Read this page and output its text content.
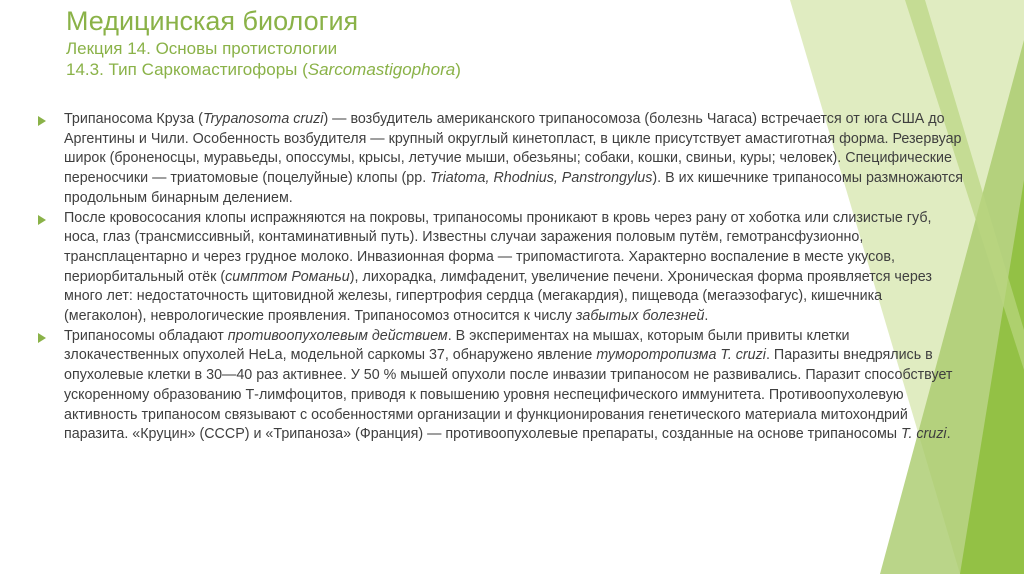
Медицинская биология
Лекция 14. Основы протистологии
14.3. Тип Саркомастигофоры (Sarcomastigophora)

Трипаносома Круза (Trypanosoma cruzi) — возбудитель американского трипаносомоза (болезнь Чагаса) встречается от юга США до Аргентины и Чили. Особенность возбудителя — крупный округлый кинетопласт, в цикле присутствует амастиготная форма. Резервуар широк (броненосцы, муравьеды, опоссумы, крысы, летучие мыши, обезьяны; собаки, кошки, свиньи, куры; человек). Специфические переносчики — триатомовые (поцелуйные) клопы (рр. Triatoma, Rhodnius, Panstrongylus). В их кишечнике трипаносомы размножаются продольным бинарным делением.

После кровососания клопы испражняются на покровы, трипаносомы проникают в кровь через рану от хоботка или слизистые губ, носа, глаз (трансмиссивный, контаминативный путь). Известны случаи заражения половым путём, гемотрансфузионно, трансплацентарно и через грудное молоко. Инвазионная форма — трипомастигота. Характерно воспаление в месте укусов, периорбитальный отёк (симптом Романьи), лихорадка, лимфаденит, увеличение печени. Хроническая форма проявляется через много лет: недостаточность щитовидной железы, гипертрофия сердца (мегакардия), пищевода (мегаэзофагус), кишечника (мегаколон), неврологические проявления. Трипаносомоз относится к числу забытых болезней.

Трипаносомы обладают противоопухолевым действием. В экспериментах на мышах, которым были привиты клетки злокачественных опухолей HeLa, модельной саркомы 37, обнаружено явление туморотропизма T. cruzi. Паразиты внедрялись в опухолевые клетки в 30—40 раз активнее. У 50 % мышей опухоли после инвазии трипаносом не развивались. Паразит способствует ускоренному образованию Т-лимфоцитов, приводя к повышению уровня неспецифического иммунитета. Противоопухолевую активность трипаносом связывают с особенностями организации и функционирования генетического материала митохондрий паразита. «Круцин» (СССР) и «Трипаноза» (Франция) — противоопухолевые препараты, созданные на основе трипаносомы T. cruzi.
